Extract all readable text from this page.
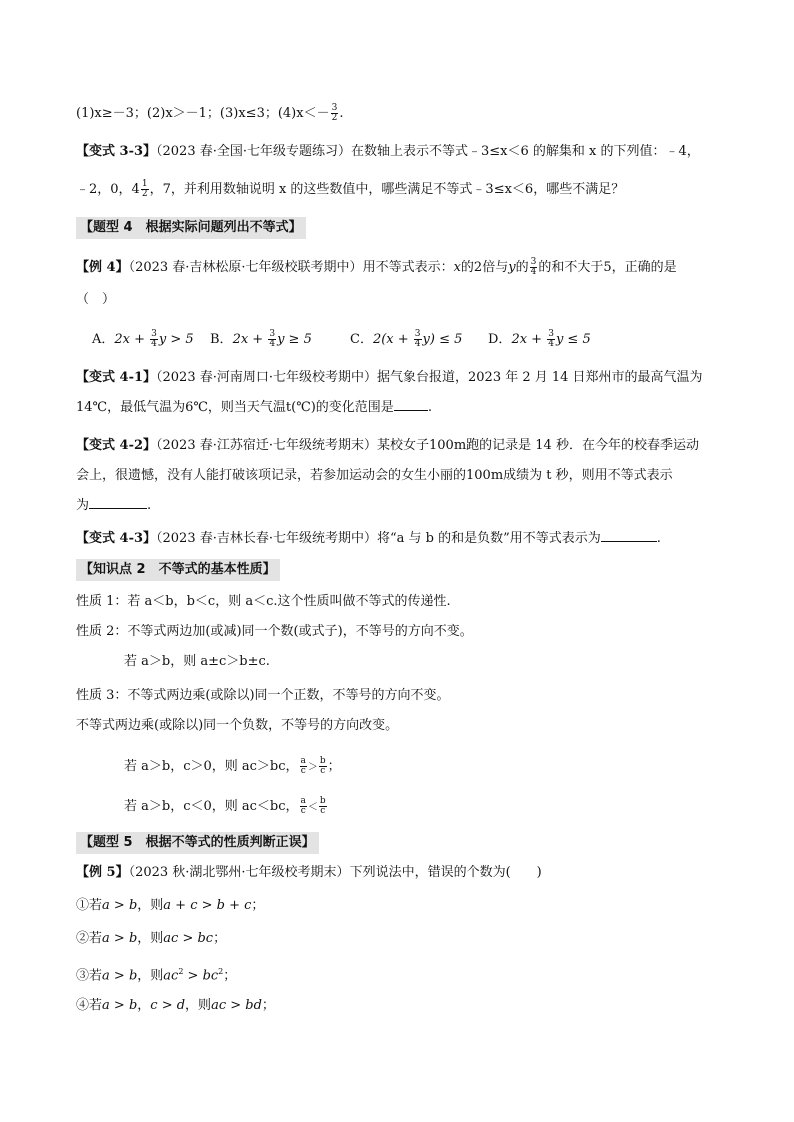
(1)x≥－3；(2)x＞－1；(3)x≤3；$(4)x<- \frac{3}{2}$ .
【变式 3-3】（2023 春·全国·七年级专题练习）在数轴上表示不等式﹣3≤x＜6 的解集和 x 的下列值：﹣4，
﹣2，0，$4 \frac{1}{2}$ ，7，并利用数轴说明 x 的这些数值中，哪些满足不等式﹣3≤x＜6，哪些不满足？
【题型 4　根据实际问题列出不等式】
【例 4】（2023 春·吉林松原·七年级校联考期中）用不等式表示：x的2倍与y的 $\frac{3}{4}$ 的和不大于5，正确的是
（　）
A．$2x + \frac{3}{4}$ y > 5 B．$2x + \frac{3}{4}$ y ≥ 5	C．$2(x + \frac{3}{4} y) \le 5$ D．$2x + \frac{3}{4}$ y ≤ 5
【变式 4-1】（2023 春·河南周口·七年级校考期中）据气象台报道，2023 年 2 月 14 日郑州市的最高气温为
14℃，最低气温为6℃，则当天气温t(℃)的变化范围是	.
【变式 4-2】（2023 春·江苏宿迁·七年级统考期末）某校女子100m跑的记录是 14 秒．在今年的校春季运动
会上，很遗憾，没有人能打破该项记录，若参加运动会的女生小丽的100m成绩为 t 秒，则用不等式表示
为	.
【变式 4-3】（2023 春·吉林长春·七年级统考期中）将“a 与 b 的和是负数”用不等式表示为	.
【知识点 2　不等式的基本性质】
性质 1：若 a＜b，b＜c，则 a＜c.这个性质叫做不等式的传递性.
性质 2：不等式两边加(或减)同一个数(或式子)，不等号的方向不变。
若 a＞b，则 a±c＞b±c.
性质 3：不等式两边乘(或除以)同一个正数，不等号的方向不变。
不等式两边乘(或除以)同一个负数，不等号的方向改变。
若 a＞b，c＞0，则 ac＞bc， $\frac{a}{c} > \frac{b}{c}$ ；
若 a＞b，c＜0，则 ac＜bc， $\frac{a}{c} < \frac{b}{c}$
【题型 5　根据不等式的性质判断正误】
【例 5】（2023 秋·湖北鄂州·七年级校考期末）下列说法中，错误的个数为(　　)
①若a > b，则a + c > b + c；
②若a > b，则ac > bc；
③若a > b，则$ac^2 > bc^2$；
④若a > b，c > d，则ac > bd；
